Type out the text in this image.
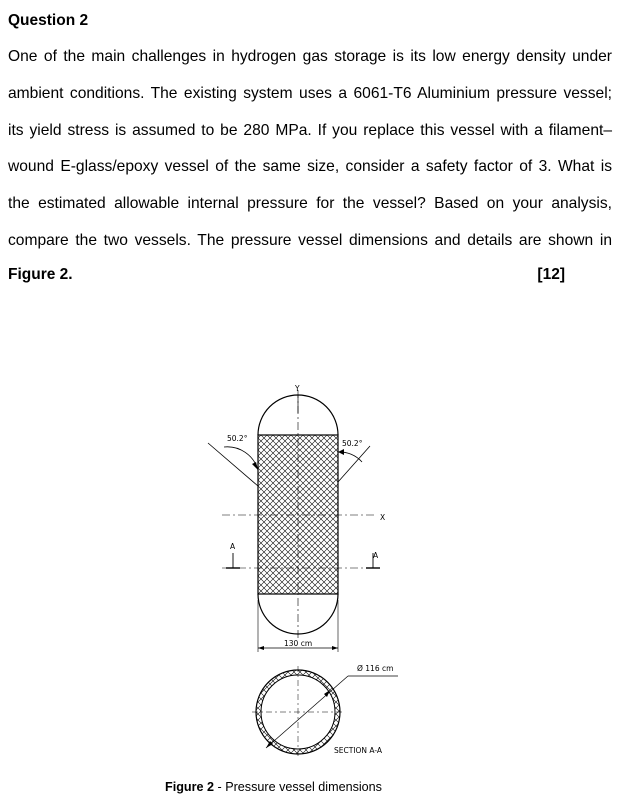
Question 2
One of the main challenges in hydrogen gas storage is its low energy density under
ambient conditions. The existing system uses a 6061-T6 Aluminium pressure vessel;
its yield stress is assumed to be 280 MPa. If you replace this vessel with a filament–
wound E-glass/epoxy vessel of the same size, consider a safety factor of 3. What is
the estimated allowable internal pressure for the vessel? Based on your analysis,
compare the two vessels. The pressure vessel dimensions and details are shown in
Figure 2.	[12]
Y
X
50.2°
50.2°
A
A
130 cm
Ø 116 cm
SECTION A-A
Figure 2 - Pressure vessel dimensions
